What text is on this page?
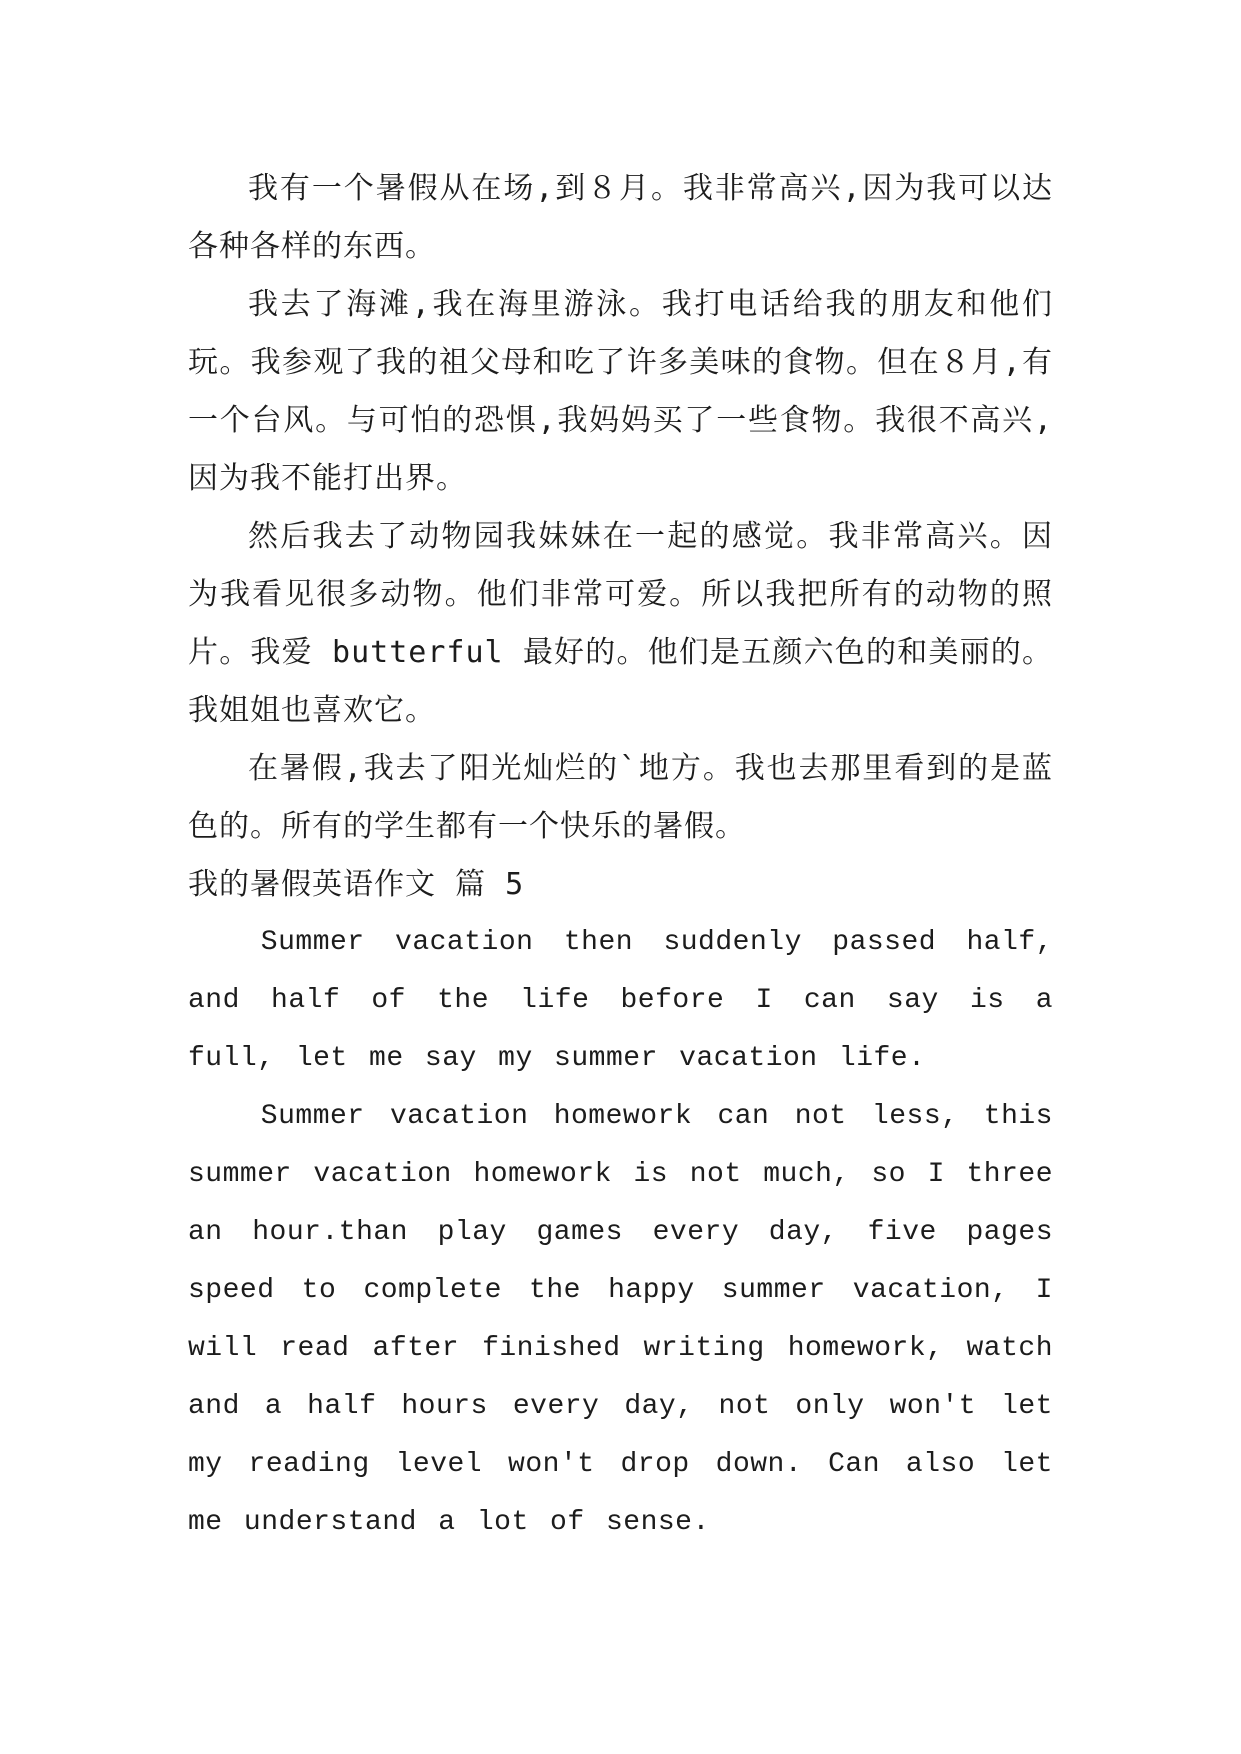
我有一个暑假从在场,到８月。我非常高兴,因为我可以达各种各样的东西。

我去了海滩,我在海里游泳。我打电话给我的朋友和他们玩。我参观了我的祖父母和吃了许多美味的食物。但在８月,有一个台风。与可怕的恐惧,我妈妈买了一些食物。我很不高兴,因为我不能打出界。

然后我去了动物园我妹妹在一起的感觉。我非常高兴。因为我看见很多动物。他们非常可爱。所以我把所有的动物的照片。我爱 butterful 最好的。他们是五颜六色的和美丽的。我姐姐也喜欢它。

在暑假,我去了阳光灿烂的`地方。我也去那里看到的是蓝色的。所有的学生都有一个快乐的暑假。

我的暑假英语作文 篇 5

Summer vacation then suddenly passed half, and half of the life before I can say is a full, let me say my summer vacation life.

Summer vacation homework can not less, this summer vacation homework is not much, so I three an hour.than play games every day, five pages speed to complete the happy summer vacation, I will read after finished writing homework, watch and a half hours every day, not only won't let my reading level won't drop down. Can also let me understand a lot of sense.
